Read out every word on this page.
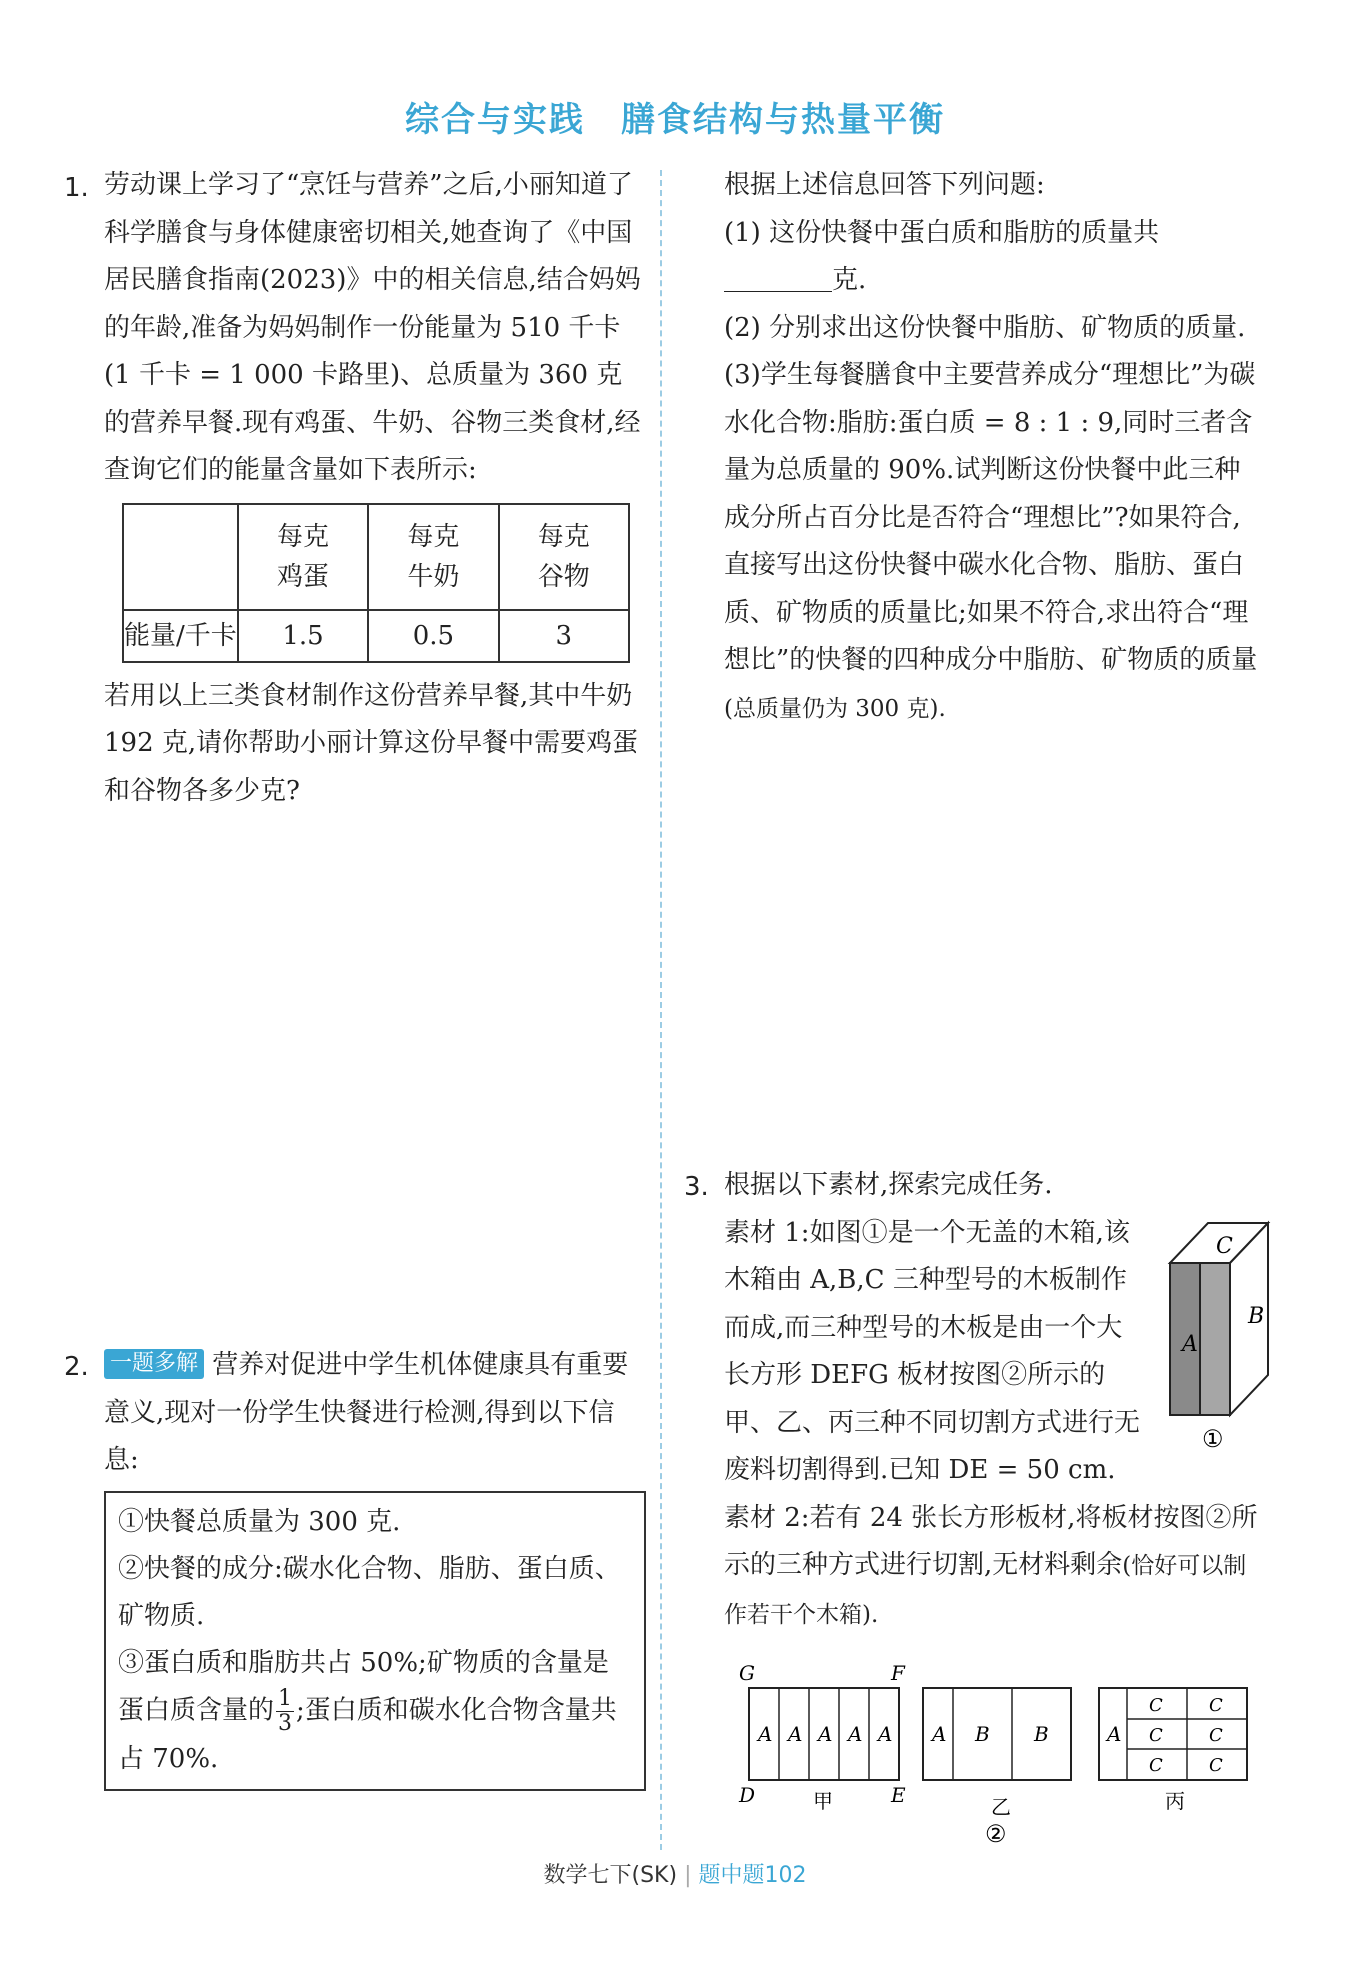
综合与实践 膳食结构与热量平衡
1. 劳动课上学习了“烹饪与营养”之后,小丽知道了科学膳食与身体健康密切相关,她查询了《中国居民膳食指南(2023)》中的相关信息,结合妈妈的年龄,准备为妈妈制作一份能量为 510 千卡(1 千卡 = 1 000 卡路里)、总质量为 360 克的营养早餐.现有鸡蛋、牛奶、谷物三类食材,经查询它们的能量含量如下表所示:

	每克鸡蛋	每克牛奶	每克谷物
能量/千卡	1.5	0.5	3

若用以上三类食材制作这份营养早餐,其中牛奶 192 克,请你帮助小丽计算这份早餐中需要鸡蛋和谷物各多少克?

2. 一题多解 营养对促进中学生机体健康具有重要意义,现对一份学生快餐进行检测,得到以下信息:

①快餐总质量为 300 克.

②快餐的成分:碳水化合物、脂肪、蛋白质、矿物质.

③蛋白质和脂肪共占 50%;矿物质的含量是蛋白质含量的 $\frac{1}{3}$ ;蛋白质和碳水化合物含量共占 70%.

根据上述信息回答下列问题:

(1) 这份快餐中蛋白质和脂肪的质量共克.

(2) 分别求出这份快餐中脂肪、矿物质的质量.

(3)学生每餐膳食中主要营养成分“理想比”为碳水化合物:脂肪:蛋白质 = 8 : 1 : 9,同时三者含量为总质量的 90%.试判断这份快餐中此三种成分所占百分比是否符合“理想比”?如果符合,直接写出这份快餐中碳水化合物、脂肪、蛋白质、矿物质的质量比;如果不符合,求出符合“理想比”的快餐的四种成分中脂肪、矿物质的质量(总质量仍为 300 克).

3. 根据以下素材,探索完成任务.

素材 1:如图①是一个无盖的木箱,该木箱由 A,B,C 三种型号的木板制作而成,而三种型号的木板是由一个大长方形 DEFG 板材按图②所示的甲、乙、丙三种不同切割方式进行无废料切割得到.已知 DE = 50 cm.

素材 2:若有 24 张长方形板材,将板材按图②所示的三种方式进行切割,无材料剩余(恰好可以制作若干个木箱).

C
A
B
①
G	F
A A A A A
D	E
甲
A B B
乙
②
A
C	C
C	C
C	C
丙
数学七下(SK) | 题中题102
